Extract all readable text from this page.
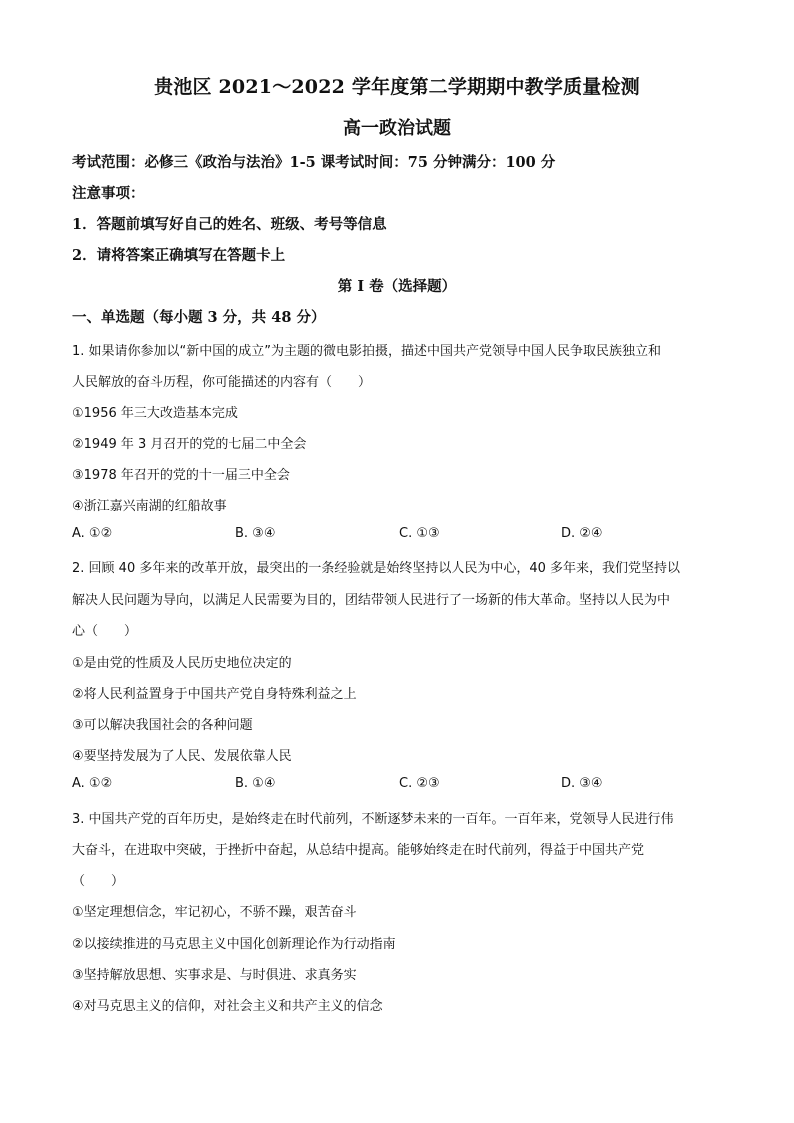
贵池区 2021～2022 学年度第二学期期中教学质量检测
高一政治试题
考试范围：必修三《政治与法治》1-5 课考试时间：75 分钟满分：100 分
注意事项：
1．答题前填写好自己的姓名、班级、考号等信息
2．请将答案正确填写在答题卡上
第 I 卷（选择题）
一、单选题（每小题 3 分，共 48 分）
1. 如果请你参加以“新中国的成立”为主题的微电影拍摄，描述中国共产党领导中国人民争取民族独立和
人民解放的奋斗历程，你可能描述的内容有（　　）
①1956 年三大改造基本完成
②1949 年 3 月召开的党的七届二中全会
③1978 年召开的党的十一届三中全会
④浙江嘉兴南湖的红船故事
A. ①②	B. ③④	C. ①③	D. ②④
2. 回顾 40 多年来的改革开放，最突出的一条经验就是始终坚持以人民为中心，40 多年来，我们党坚持以
解决人民问题为导向，以满足人民需要为目的，团结带领人民进行了一场新的伟大革命。坚持以人民为中
心（　　）
①是由党的性质及人民历史地位决定的
②将人民利益置身于中国共产党自身特殊利益之上
③可以解决我国社会的各种问题
④要坚持发展为了人民、发展依靠人民
A. ①②	B. ①④	C. ②③	D. ③④
3. 中国共产党的百年历史，是始终走在时代前列，不断逐梦未来的一百年。一百年来，党领导人民进行伟
大奋斗，在进取中突破，于挫折中奋起，从总结中提高。能够始终走在时代前列，得益于中国共产党
（　　）
①坚定理想信念，牢记初心，不骄不躁，艰苦奋斗
②以接续推进的马克思主义中国化创新理论作为行动指南
③坚持解放思想、实事求是、与时俱进、求真务实
④对马克思主义的信仰，对社会主义和共产主义的信念
